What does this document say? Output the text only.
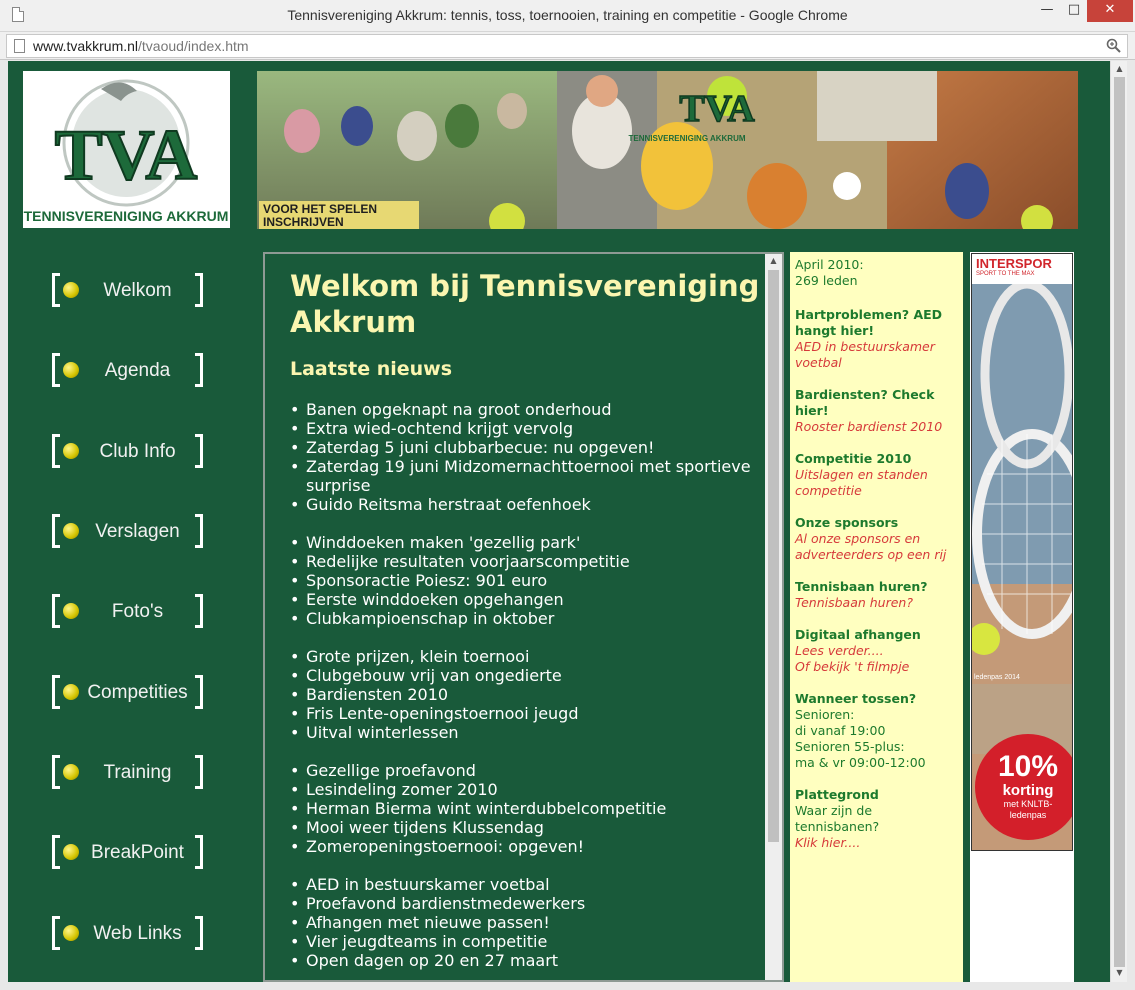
Tennisvereniging Akkrum: tennis, toss, toernooien, training en competitie - Google Chrome	—	□	✕
www.tvakkrum.nl/tvaoud/index.htm
TVA
TENNISVERENIGING AKKRUM
TVA
TENNISVERENIGING AKKRUM
VOOR HET SPELEN
INSCHRIJVEN
Welkom
Agenda
Club Info
Verslagen
Foto's
Competities
Training
BreakPoint
Web Links
Welkom bij Tennisvereniging Akkrum
Laatste nieuws
• Banen opgeknapt na groot onderhoud
• Extra wied-ochtend krijgt vervolg
• Zaterdag 5 juni clubbarbecue: nu opgeven!
• Zaterdag 19 juni Midzomernachttoernooi met sportieve surprise
• Guido Reitsma herstraat oefenhoek
• Winddoeken maken 'gezellig park'
• Redelijke resultaten voorjaarscompetitie
• Sponsoractie Poiesz: 901 euro
• Eerste winddoeken opgehangen
• Clubkampioenschap in oktober
• Grote prijzen, klein toernooi
• Clubgebouw vrij van ongedierte
• Bardiensten 2010
• Fris Lente-openingstoernooi jeugd
• Uitval winterlessen
• Gezellige proefavond
• Lesindeling zomer 2010
• Herman Bierma wint winterdubbelcompetitie
• Mooi weer tijdens Klussendag
• Zomeropeningstoernooi: opgeven!
• AED in bestuurskamer voetbal
• Proefavond bardienstmedewerkers
• Afhangen met nieuwe passen!
• Vier jeugdteams in competitie
• Open dagen op 20 en 27 maart
▲ April 2010:
269 leden
Hartproblemen? AED hangt hier!
AED in bestuurskamer voetbal
Bardiensten? Check hier!
Rooster bardienst 2010
Competitie 2010
Uitslagen en standen competitie
Onze sponsors
Al onze sponsors en adverteerders op een rij
Tennisbaan huren?
Tennisbaan huren?
Digitaal afhangen
Lees verder....
Of bekijk 't filmpje
Wanneer tossen?
Senioren:
di vanaf 19:00
Senioren 55-plus:
ma & vr 09:00-12:00
Plattegrond
Waar zijn de tennisbanen?
Klik hier....
INTERSPOR
SPORT TO THE MAX
ledenpas 2014
10%
korting
met KNLTB-
ledenpas
▲
▼
